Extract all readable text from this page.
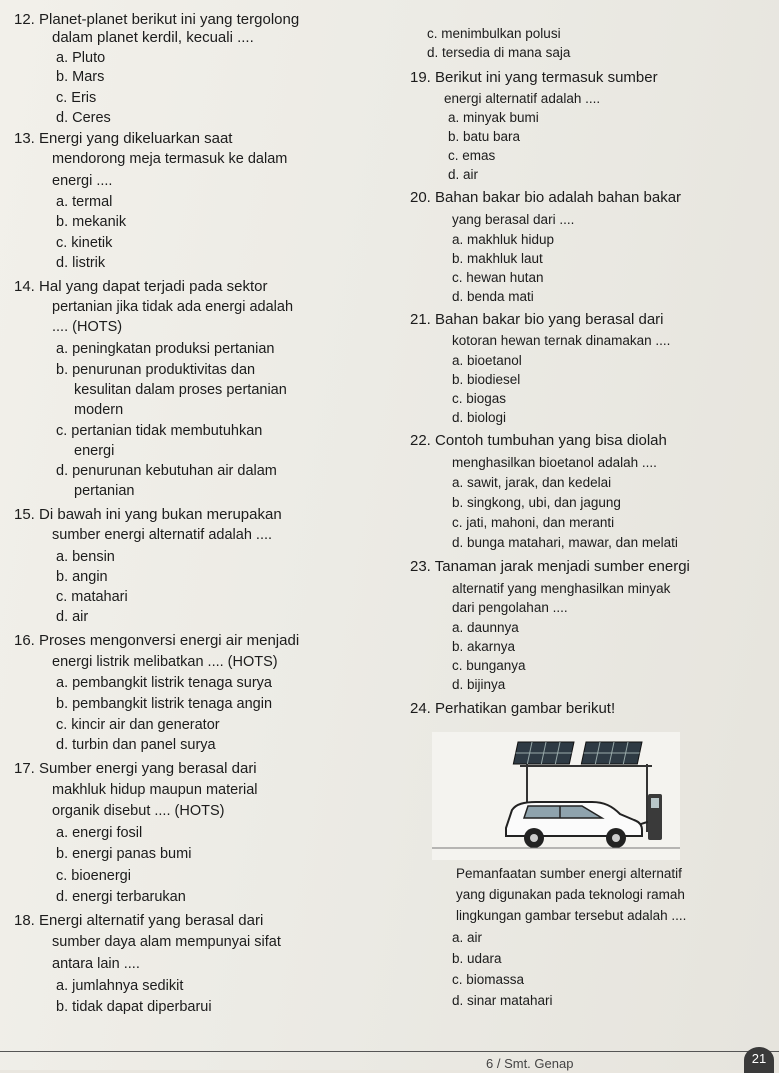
12. Planet-planet berikut ini yang tergolong
dalam planet kerdil, kecuali ....
a. Pluto
b. Mars
c. Eris
d. Ceres
13. Energi yang dikeluarkan saat
mendorong meja termasuk ke dalam
energi ....
a. termal
b. mekanik
c. kinetik
d. listrik
14. Hal yang dapat terjadi pada sektor
pertanian jika tidak ada energi adalah
.... (HOTS)
a. peningkatan produksi pertanian
b. penurunan produktivitas dan
kesulitan dalam proses pertanian
modern
c. pertanian tidak membutuhkan
energi
d. penurunan kebutuhan air dalam
pertanian
15. Di bawah ini yang bukan merupakan
sumber energi alternatif adalah ....
a. bensin
b. angin
c. matahari
d. air
16. Proses mengonversi energi air menjadi
energi listrik melibatkan .... (HOTS)
a. pembangkit listrik tenaga surya
b. pembangkit listrik tenaga angin
c. kincir air dan generator
d. turbin dan panel surya
17. Sumber energi yang berasal dari
makhluk hidup maupun material
organik disebut .... (HOTS)
a. energi fosil
b. energi panas bumi
c. bioenergi
d. energi terbarukan
18. Energi alternatif yang berasal dari
sumber daya alam mempunyai sifat
antara lain ....
a. jumlahnya sedikit
b. tidak dapat diperbarui
c. menimbulkan polusi
d. tersedia di mana saja
19. Berikut ini yang termasuk sumber
energi alternatif adalah ....
a. minyak bumi
b. batu bara
c. emas
d. air
20. Bahan bakar bio adalah bahan bakar
yang berasal dari ....
a. makhluk hidup
b. makhluk laut
c. hewan hutan
d. benda mati
21. Bahan bakar bio yang berasal dari
kotoran hewan ternak dinamakan ....
a. bioetanol
b. biodiesel
c. biogas
d. biologi
22. Contoh tumbuhan yang bisa diolah
menghasilkan bioetanol adalah ....
a. sawit, jarak, dan kedelai
b. singkong, ubi, dan jagung
c. jati, mahoni, dan meranti
d. bunga matahari, mawar, dan melati
23. Tanaman jarak menjadi sumber energi
alternatif yang menghasilkan minyak
dari pengolahan ....
a. daunnya
b. akarnya
c. bunganya
d. bijinya
24. Perhatikan gambar berikut!
Pemanfaatan sumber energi alternatif
yang digunakan pada teknologi ramah
lingkungan gambar tersebut adalah ....
a. air
b. udara
c. biomassa
d. sinar matahari
6 / Smt. Genap	21
